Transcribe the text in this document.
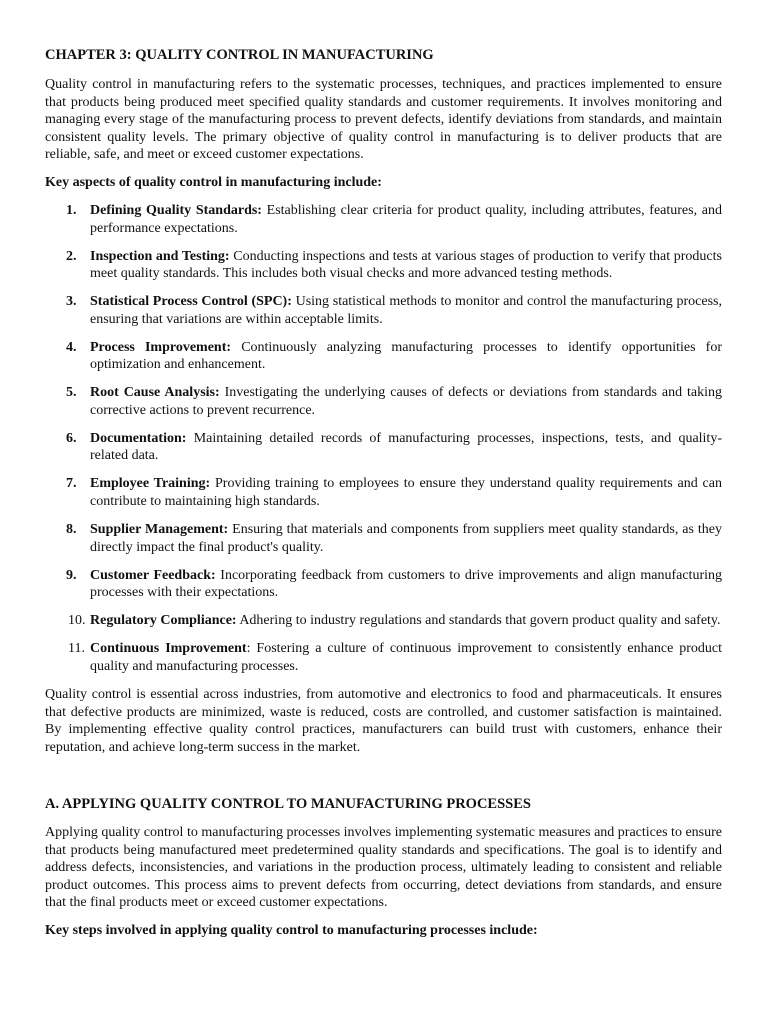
CHAPTER 3: QUALITY CONTROL IN MANUFACTURING

Quality control in manufacturing refers to the systematic processes, techniques, and practices implemented to ensure that products being produced meet specified quality standards and customer requirements. It involves monitoring and managing every stage of the manufacturing process to prevent defects, identify deviations from standards, and maintain consistent quality levels. The primary objective of quality control in manufacturing is to deliver products that are reliable, safe, and meet or exceed customer expectations.

Key aspects of quality control in manufacturing include:

1. Defining Quality Standards: Establishing clear criteria for product quality, including attributes, features, and performance expectations.
2. Inspection and Testing: Conducting inspections and tests at various stages of production to verify that products meet quality standards. This includes both visual checks and more advanced testing methods.
3. Statistical Process Control (SPC): Using statistical methods to monitor and control the manufacturing process, ensuring that variations are within acceptable limits.
4. Process Improvement: Continuously analyzing manufacturing processes to identify opportunities for optimization and enhancement.
5. Root Cause Analysis: Investigating the underlying causes of defects or deviations from standards and taking corrective actions to prevent recurrence.
6. Documentation: Maintaining detailed records of manufacturing processes, inspections, tests, and quality-related data.
7. Employee Training: Providing training to employees to ensure they understand quality requirements and can contribute to maintaining high standards.
8. Supplier Management: Ensuring that materials and components from suppliers meet quality standards, as they directly impact the final product's quality.
9. Customer Feedback: Incorporating feedback from customers to drive improvements and align manufacturing processes with their expectations.
10. Regulatory Compliance: Adhering to industry regulations and standards that govern product quality and safety.
11. Continuous Improvement: Fostering a culture of continuous improvement to consistently enhance product quality and manufacturing processes.

Quality control is essential across industries, from automotive and electronics to food and pharmaceuticals. It ensures that defective products are minimized, waste is reduced, costs are controlled, and customer satisfaction is maintained. By implementing effective quality control practices, manufacturers can build trust with customers, enhance their reputation, and achieve long-term success in the market.

A. APPLYING QUALITY CONTROL TO MANUFACTURING PROCESSES

Applying quality control to manufacturing processes involves implementing systematic measures and practices to ensure that products being manufactured meet predetermined quality standards and specifications. The goal is to identify and address defects, inconsistencies, and variations in the production process, ultimately leading to consistent and reliable product outcomes. This process aims to prevent defects from occurring, detect deviations from standards, and ensure that the final products meet or exceed customer expectations.

Key steps involved in applying quality control to manufacturing processes include:
